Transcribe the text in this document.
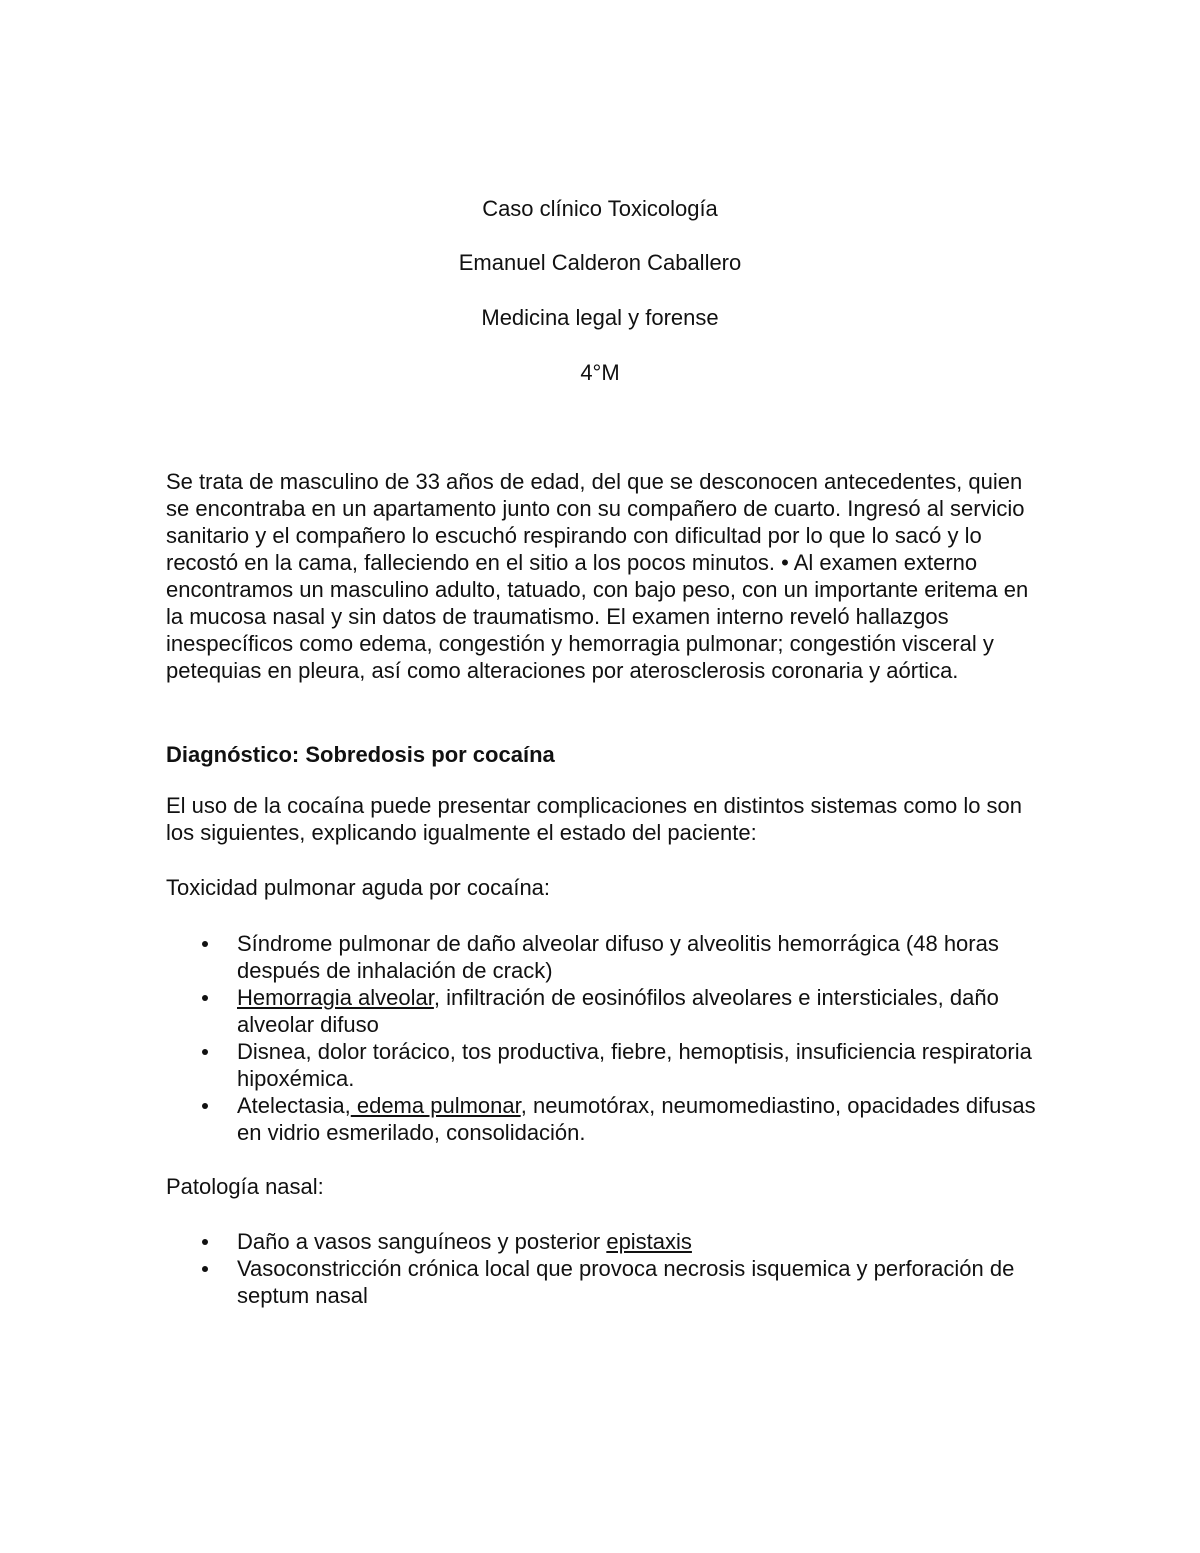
Caso clínico Toxicología
Emanuel Calderon Caballero
Medicina legal y forense
4°M
Se trata de masculino de 33 años de edad, del que se desconocen antecedentes, quien se encontraba en un apartamento junto con su compañero de cuarto. Ingresó al servicio sanitario y el compañero lo escuchó respirando con dificultad por lo que lo sacó y lo recostó en la cama, falleciendo en el sitio a los pocos minutos. • Al examen externo encontramos un masculino adulto, tatuado, con bajo peso, con un importante eritema en la mucosa nasal y sin datos de traumatismo. El examen interno reveló hallazgos inespecíficos como edema, congestión y hemorragia pulmonar; congestión visceral y petequias en pleura, así como alteraciones por aterosclerosis coronaria y aórtica.
Diagnóstico: Sobredosis por cocaína
El uso de la cocaína puede presentar complicaciones en distintos sistemas como lo son los siguientes, explicando igualmente el estado del paciente:
Toxicidad pulmonar aguda por cocaína:
Síndrome pulmonar de daño alveolar difuso y alveolitis hemorrágica (48 horas después de inhalación de crack)
Hemorragia alveolar, infiltración de eosinófilos alveolares e intersticiales, daño alveolar difuso
Disnea, dolor torácico, tos productiva, fiebre, hemoptisis, insuficiencia respiratoria hipoxémica.
Atelectasia, edema pulmonar, neumotórax, neumomediastino, opacidades difusas en vidrio esmerilado, consolidación.
Patología nasal:
Daño a vasos sanguíneos y posterior epistaxis
Vasoconstricción crónica local que provoca necrosis isquemica y perforación de septum nasal
